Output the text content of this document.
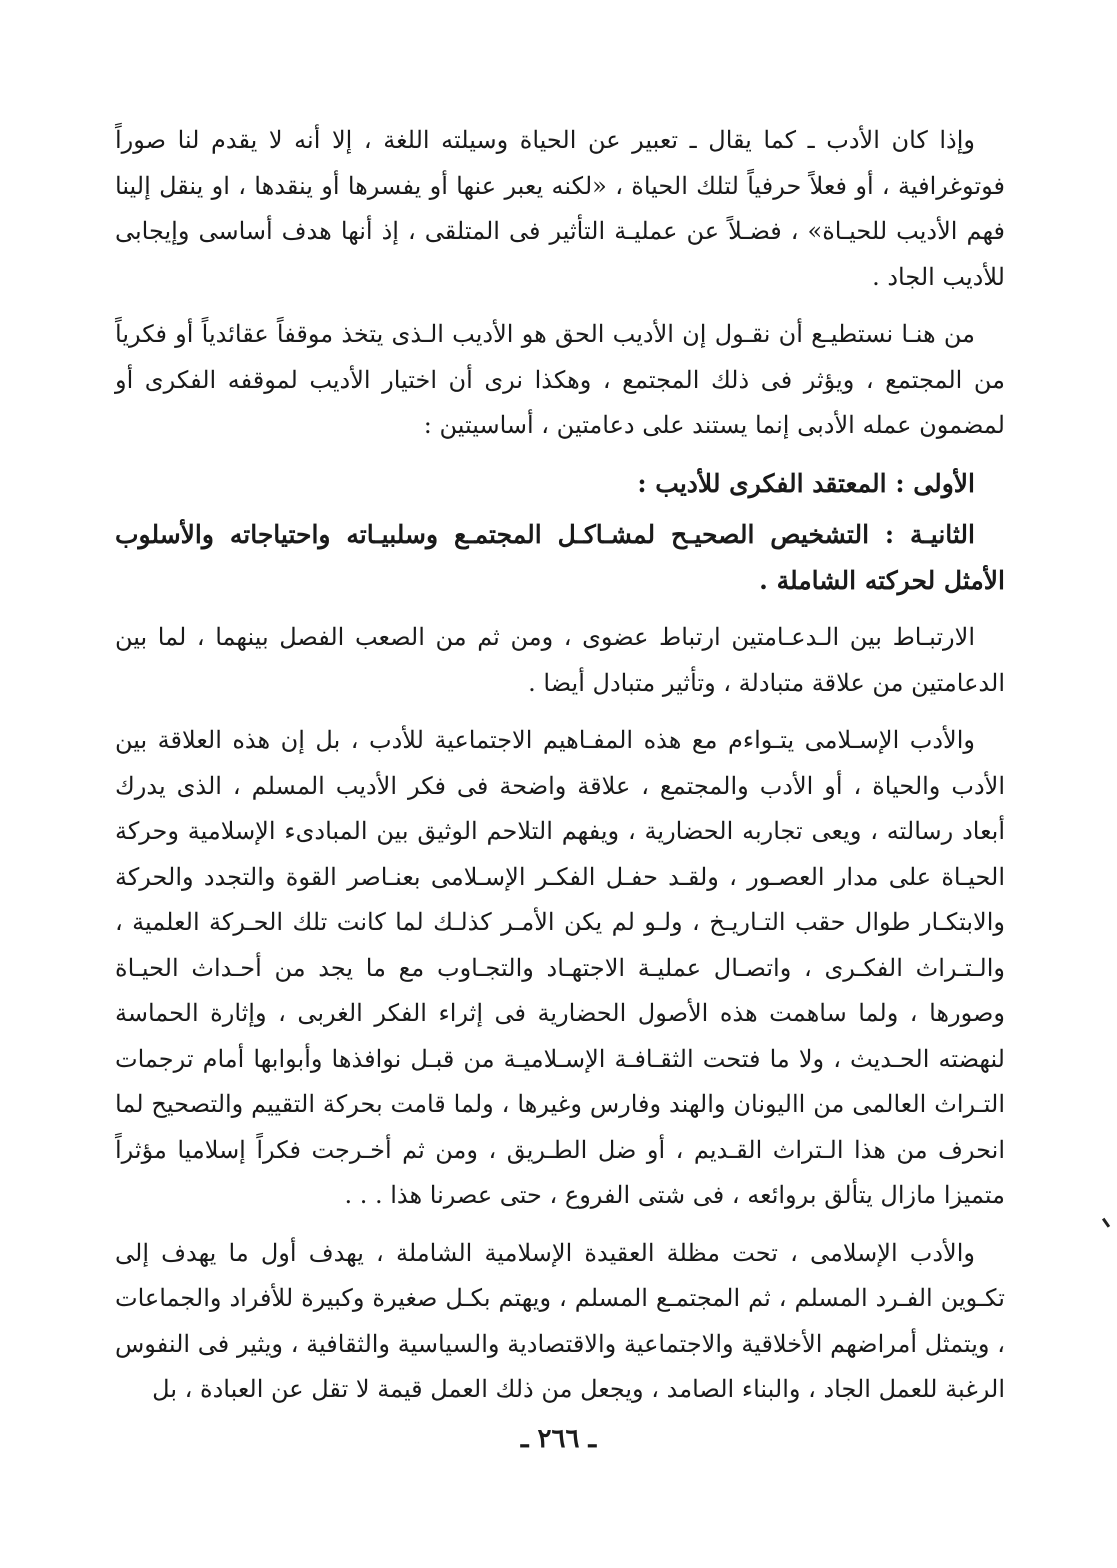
وإذا كان الأدب ـ كما يقال ـ تعبير عن الحياة وسيلته اللغة ، إلا أنه لا يقدم لنا صوراً فوتوغرافية ، أو فعلاً حرفياً لتلك الحياة ، «لكنه يعبر عنها أو يفسرها أو ينقدها ، او ينقل إلينا فهم الأديب للحيـاة» ، فضـلاً عن عمليـة التأثير فى المتلقى ، إذ أنها هدف أساسى وإيجابى للأديب الجاد .

من هنـا نستطيـع أن نقـول إن الأديب الحق هو الأديب الـذى يتخذ موقفاً عقائدياً أو فكرياً من المجتمع ، ويؤثر فى ذلك المجتمع ، وهكذا نرى أن اختيار الأديب لموقفه الفكرى أو لمضمون عمله الأدبى إنما يستند على دعامتين ، أساسيتين :

الأولى : المعتقد الفكرى للأديب :

الثانيـة : التشخيص الصحيـح لمشـاكـل المجتمـع وسلبيـاته واحتياجاته والأسلوب الأمثل لحركته الشاملة .

الارتبـاط بين الـدعـامتين ارتباط عضوى ، ومن ثم من الصعب الفصل بينهما ، لما بين الدعامتين من علاقة متبادلة ، وتأثير متبادل أيضا .

والأدب الإسـلامى يتـواءم مع هذه المفـاهيم الاجتماعية للأدب ، بل إن هذه العلاقة بين الأدب والحياة ، أو الأدب والمجتمع ، علاقة واضحة فى فكر الأديب المسلم ، الذى يدرك أبعاد رسالته ، ويعى تجاربه الحضارية ، ويفهم التلاحم الوثيق بين المبادىء الإسلامية وحركة الحيـاة على مدار العصـور ، ولقـد حفـل الفكـر الإسـلامى بعنـاصر القوة والتجدد والحركة والابتكـار طوال حقب التـاريـخ ، ولـو لم يكن الأمـر كذلـك لما كانت تلك الحـركة العلمية ، والـتـراث الفكـرى ، واتصـال عمليـة الاجتهـاد والتجـاوب مع ما يجد من أحـداث الحيـاة وصورها ، ولما ساهمت هذه الأصول الحضارية فى إثراء الفكر الغربى ، وإثارة الحماسة لنهضته الحـديث ، ولا ما فتحت الثقـافـة الإسـلاميـة من قبـل نوافذها وأبوابها أمام ترجمات التـراث العالمى من االيونان والهند وفارس وغيرها ، ولما قامت بحركة التقييم والتصحيح لما انحرف من هذا الـتراث القـديم ، أو ضل الطـريق ، ومن ثم أخـرجت فكراً إسلاميا مؤثراً متميزا مازال يتألق بروائعه ، فى شتى الفروع ، حتى عصرنا هذا . . .

والأدب الإسلامى ، تحت مظلة العقيدة الإسلامية الشاملة ، يهدف أول ما يهدف إلى تكـوين الفـرد المسلم ، ثم المجتمـع المسلم ، ويهتم بكـل صغيرة وكبيرة للأفراد والجماعات ، ويتمثل أمراضهم الأخلاقية والاجتماعية والاقتصادية والسياسية والثقافية ، ويثير فى النفوس الرغبة للعمل الجاد ، والبناء الصامد ، ويجعل من ذلك العمل قيمة لا تقل عن العبادة ، بل

ـ ٢٦٦ ـ
